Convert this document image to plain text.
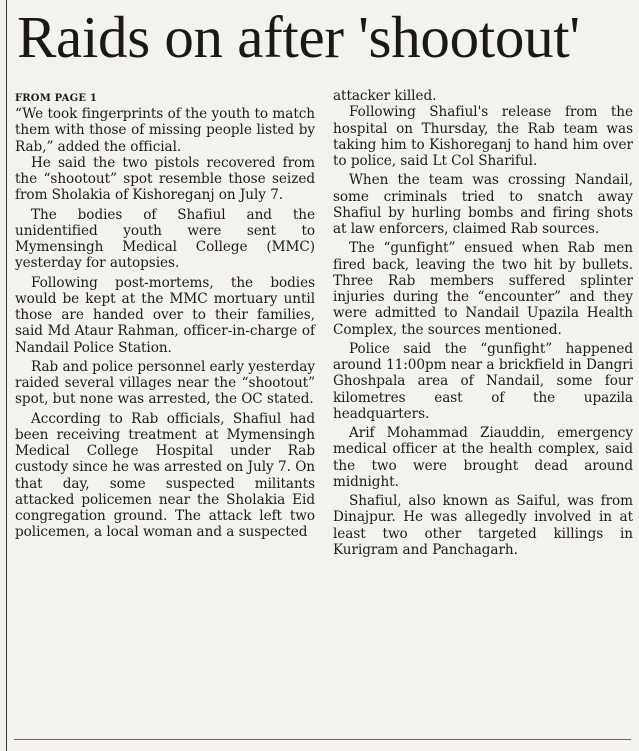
Raids on after 'shootout'
FROM PAGE 1

“We took fingerprints of the youth to match them with those of missing people listed by Rab,” added the official.

He said the two pistols recovered from the “shootout” spot resemble those seized from Sholakia of Kishoreganj on July 7.

The bodies of Shafiul and the unidentified youth were sent to Mymensingh Medical College (MMC) yesterday for autopsies.

Following post-mortems, the bodies would be kept at the MMC mortuary until those are handed over to their families, said Md Ataur Rahman, officer-in-charge of Nandail Police Station.

Rab and police personnel early yesterday raided several villages near the “shootout” spot, but none was arrested, the OC stated.

According to Rab officials, Shafiul had been receiving treatment at Mymensingh Medical College Hospital under Rab custody since he was arrested on July 7. On that day, some suspected militants attacked policemen near the Sholakia Eid congregation ground. The attack left two policemen, a local woman and a suspected

attacker killed.

Following Shafiul's release from the hospital on Thursday, the Rab team was taking him to Kishoreganj to hand him over to police, said Lt Col Shariful.

When the team was crossing Nandail, some criminals tried to snatch away Shafiul by hurling bombs and firing shots at law enforcers, claimed Rab sources.

The “gunfight” ensued when Rab men fired back, leaving the two hit by bullets. Three Rab members suffered splinter injuries during the “encounter” and they were admitted to Nandail Upazila Health Complex, the sources mentioned.

Police said the “gunfight” happened around 11:00pm near a brickfield in Dangri Ghoshpala area of Nandail, some four kilometres east of the upazila headquarters.

Arif Mohammad Ziauddin, emergency medical officer at the health complex, said the two were brought dead around midnight.

Shafiul, also known as Saiful, was from Dinajpur. He was allegedly involved in at least two other targeted killings in Kurigram and Panchagarh.
